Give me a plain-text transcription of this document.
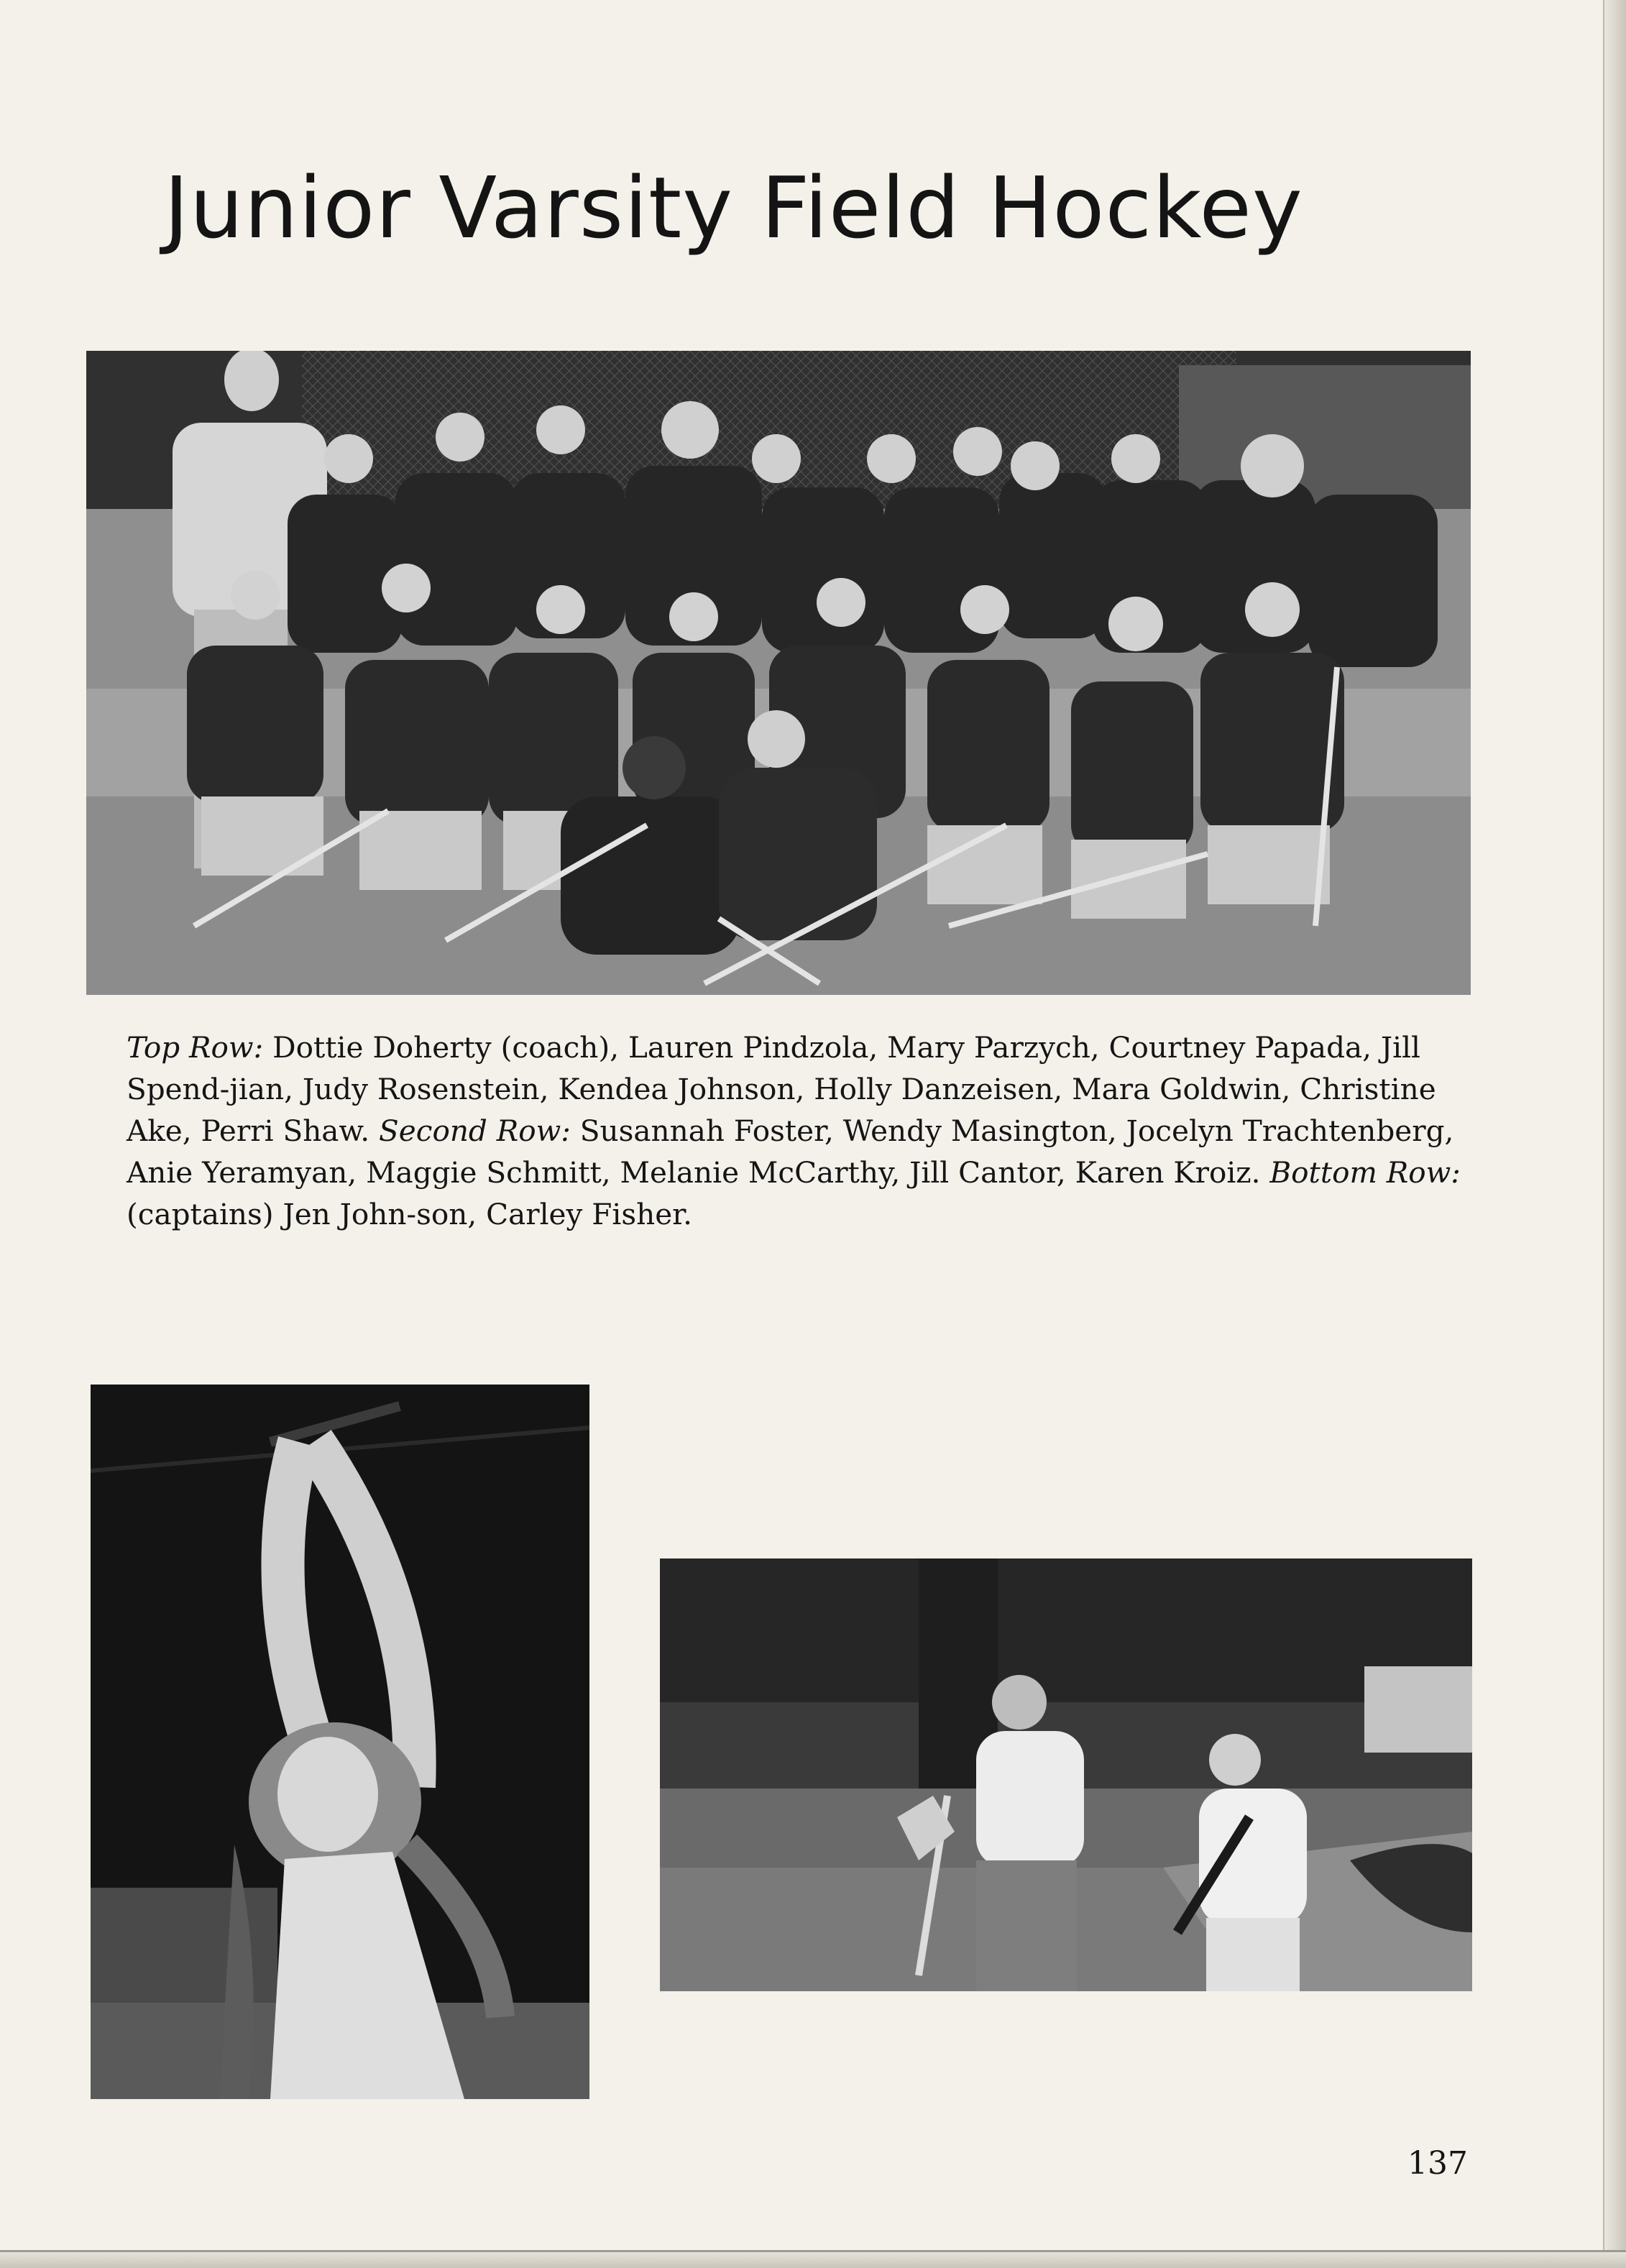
Junior Varsity Field Hockey

Top Row: Dottie Doherty (coach), Lauren Pindzola, Mary Parzych, Courtney Papada, Jill Spend-jian, Judy Rosenstein, Kendea Johnson, Holly Danzeisen, Mara Goldwin, Christine Ake, Perri Shaw. Second Row: Susannah Foster, Wendy Masington, Jocelyn Trachtenberg, Anie Yeramyan, Maggie Schmitt, Melanie McCarthy, Jill Cantor, Karen Kroiz. Bottom Row: (captains) Jen John-son, Carley Fisher.

137
